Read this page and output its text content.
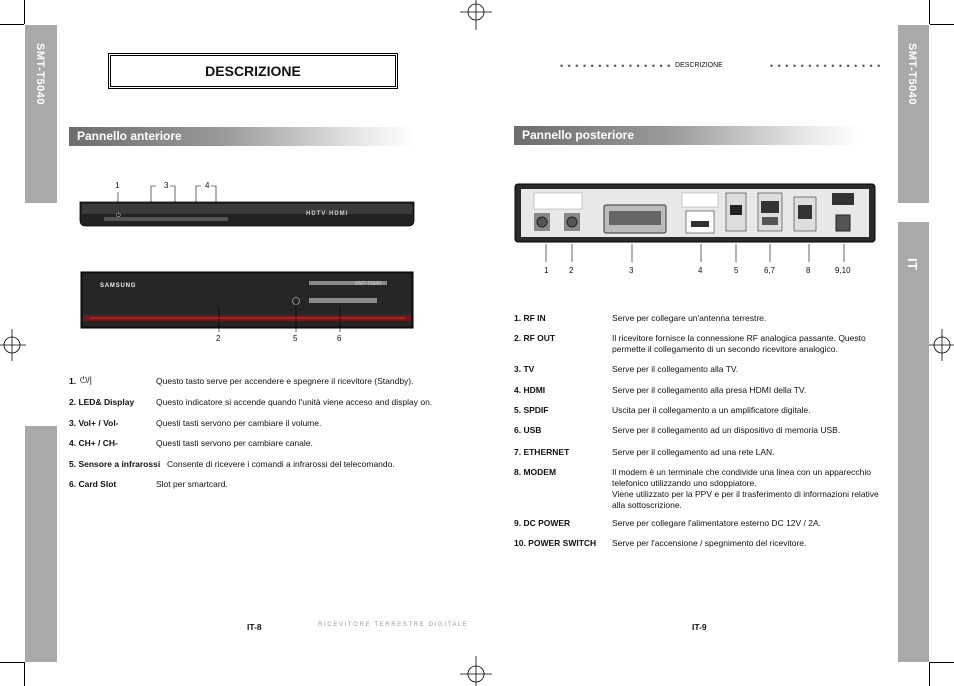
SMT-T5040	SMT-T5040
IT
DESCRIZIONE	• • • • • • • • • • • • • • • DESCRIZIONE	• • • • • • • • • • • • • • •
Pannello anteriore
1	3	4
⏻	HDTV HDMI
SAMSUNG	SMT-T5040
2	5	6
1. ⏻/|	Questo tasto serve per accendere e spegnere il ricevitore (Standby).
2. LED& Display	Questo indicatore si accende quando l'unità viene acceso and display on.
3. Vol+ / Vol-	Questi tasti servono per cambiare il volume.
4. CH+ / CH-	Questi tasti servono per cambiare canale.
5. Sensore a infrarossi Consente di ricevere i comandi a infrarossi del telecomando.
6. Card Slot	Slot per smartcard.
Pannello posteriore
1	2	3	4	5	6,7	8	9,10
1. RF IN	Serve per collegare un'antenna terrestre.
2. RF OUT	Il ricevitore fornisce la connessione RF analogica passante. Questo permette il collegamento di un secondo ricevitore analogico.
3. TV	Serve per il collegamento alla TV.
4. HDMI	Serve per il collegamento alla presa HDMI della TV.
5. SPDIF	Uscita per il collegamento a un amplificatore digitale.
6. USB	Serve per il collegamento ad un dispositivo di memoria USB.
7. ETHERNET	Serve per il collegamento ad una rete LAN.
8. MODEM	Il modem è un terminale che condivide una linea con un apparecchio telefonico utilizzando uno sdoppiatore.
Viene utilizzato per la PPV e per il trasferimento di informazioni relative alla sottoscrizione.
9. DC POWER	Serve per collegare l'alimentatore esterno DC 12V / 2A.
10. POWER SWITCH Serve per l'accensione / spegnimento del ricevitore.
IT-8	R I C E V I T O R E   T E R R E S T R E   D I G I T A L E	IT-9
